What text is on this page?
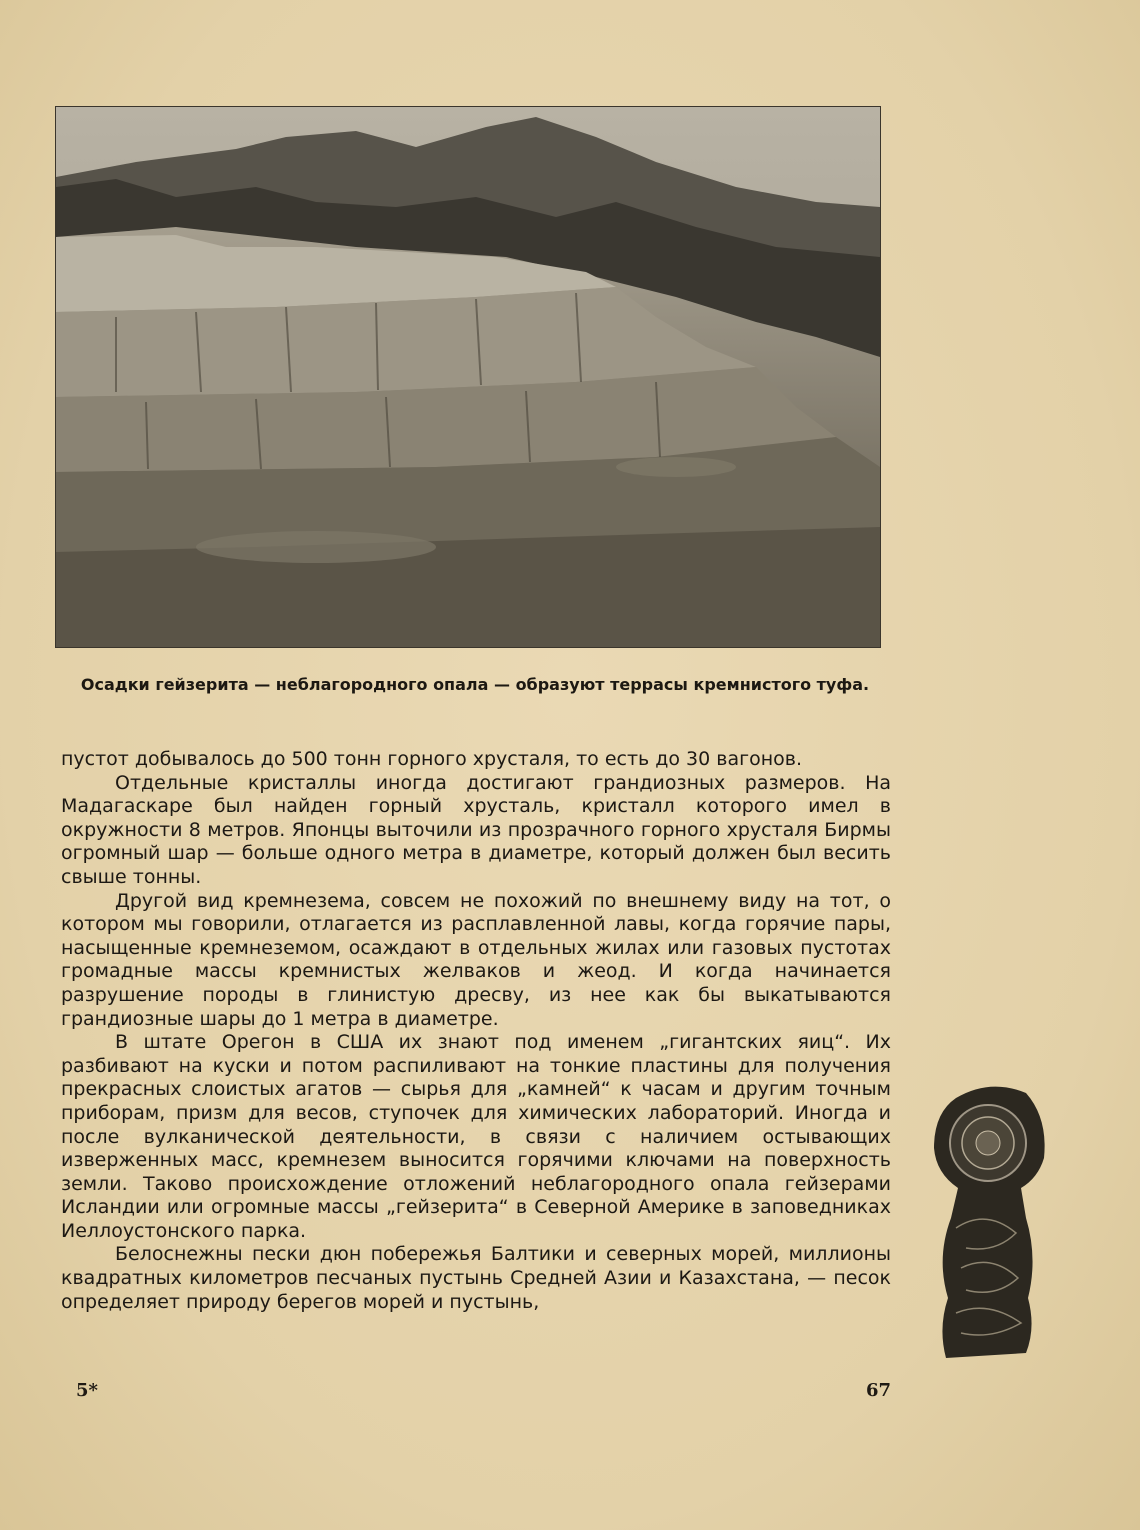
Осадки гейзерита — неблагородного опала — образуют террасы кремнистого туфа.

пустот добывалось до 500 тонн горного хрусталя, то есть до 30 вагонов.

Отдельные кристаллы иногда достигают грандиозных размеров. На Мадагаскаре был найден горный хрусталь, кристалл которого имел в окружности 8 метров. Японцы выточили из прозрачного горного хрусталя Бирмы огромный шар — больше одного метра в диаметре, который должен был весить свыше тонны.

Другой вид кремнезема, совсем не похожий по внешнему виду на тот, о котором мы говорили, отлагается из расплавленной лавы, когда горячие пары, насыщенные кремнеземом, осаждают в отдельных жилах или газовых пустотах громадные массы кремнистых желваков и жеод. И когда начинается разрушение породы в глинистую дресву, из нее как бы выкатываются грандиозные шары до 1 метра в диаметре.

В штате Орегон в США их знают под именем „гигантских яиц“. Их разбивают на куски и потом распиливают на тонкие пластины для получения прекрасных слоистых агатов — сырья для „камней“ к часам и другим точным приборам, призм для весов, ступочек для химических лабораторий. Иногда и после вулканической деятельности, в связи с наличием остывающих изверженных масс, кремнезем выносится горячими ключами на поверхность земли. Таково происхождение отложений неблагородного опала гейзерами Исландии или огромные массы „гейзерита“ в Северной Америке в заповедниках Иеллоустонского парка.

Белоснежны пески дюн побережья Балтики и северных морей, миллионы квадратных километров песчаных пустынь Средней Азии и Казахстана, — песок определяет природу берегов морей и пустынь,

5*	67
